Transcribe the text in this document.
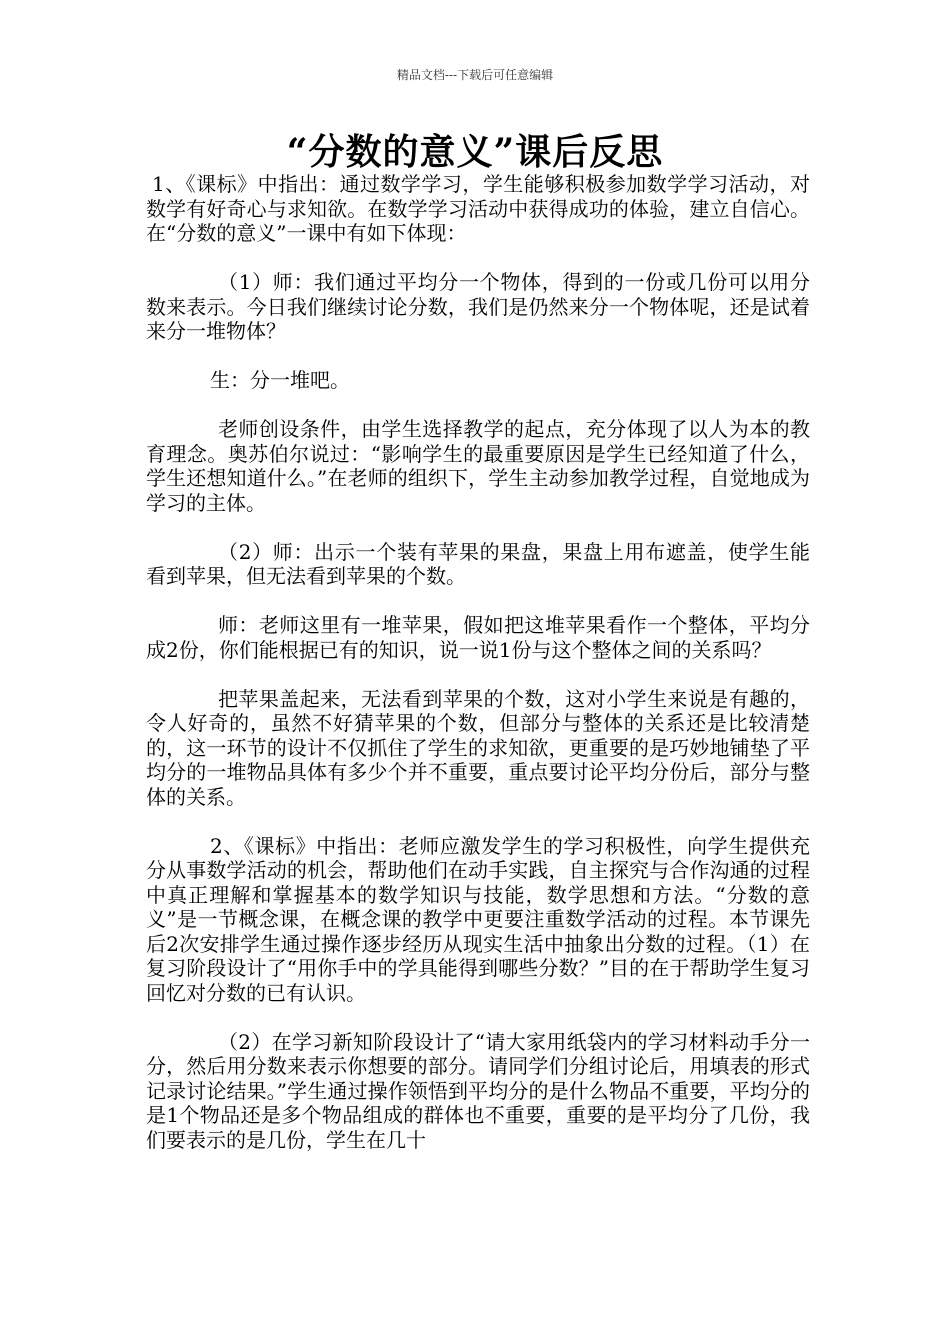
精品文档---下载后可任意编辑
“分数的意义”课后反思

1、《课标》中指出：通过数学学习，学生能够积极参加数学学习活动，对数学有好奇心与求知欲。在数学学习活动中获得成功的体验，建立自信心。在“分数的意义”一课中有如下体现：

（1）师：我们通过平均分一个物体，得到的一份或几份可以用分数来表示。今日我们继续讨论分数，我们是仍然来分一个物体呢，还是试着来分一堆物体？

生：分一堆吧。

老师创设条件，由学生选择教学的起点，充分体现了以人为本的教育理念。奥苏伯尔说过：“影响学生的最重要原因是学生已经知道了什么，学生还想知道什么。”在老师的组织下，学生主动参加教学过程，自觉地成为学习的主体。

（2）师：出示一个装有苹果的果盘，果盘上用布遮盖，使学生能看到苹果，但无法看到苹果的个数。

师：老师这里有一堆苹果，假如把这堆苹果看作一个整体，平均分成2份，你们能根据已有的知识，说一说1份与这个整体之间的关系吗？

把苹果盖起来，无法看到苹果的个数，这对小学生来说是有趣的，令人好奇的，虽然不好猜苹果的个数，但部分与整体的关系还是比较清楚的，这一环节的设计不仅抓住了学生的求知欲，更重要的是巧妙地铺垫了平均分的一堆物品具体有多少个并不重要，重点要讨论平均分份后，部分与整体的关系。

2、《课标》中指出：老师应激发学生的学习积极性，向学生提供充分从事数学活动的机会，帮助他们在动手实践，自主探究与合作沟通的过程中真正理解和掌握基本的数学知识与技能，数学思想和方法。“分数的意义”是一节概念课，在概念课的教学中更要注重数学活动的过程。本节课先后2次安排学生通过操作逐步经历从现实生活中抽象出分数的过程。（1）在复习阶段设计了“用你手中的学具能得到哪些分数？”目的在于帮助学生复习回忆对分数的已有认识。

（2）在学习新知阶段设计了“请大家用纸袋内的学习材料动手分一分，然后用分数来表示你想要的部分。请同学们分组讨论后，用填表的形式记录讨论结果。”学生通过操作领悟到平均分的是什么物品不重要，平均分的是1个物品还是多个物品组成的群体也不重要，重要的是平均分了几份，我们要表示的是几份，学生在几十
